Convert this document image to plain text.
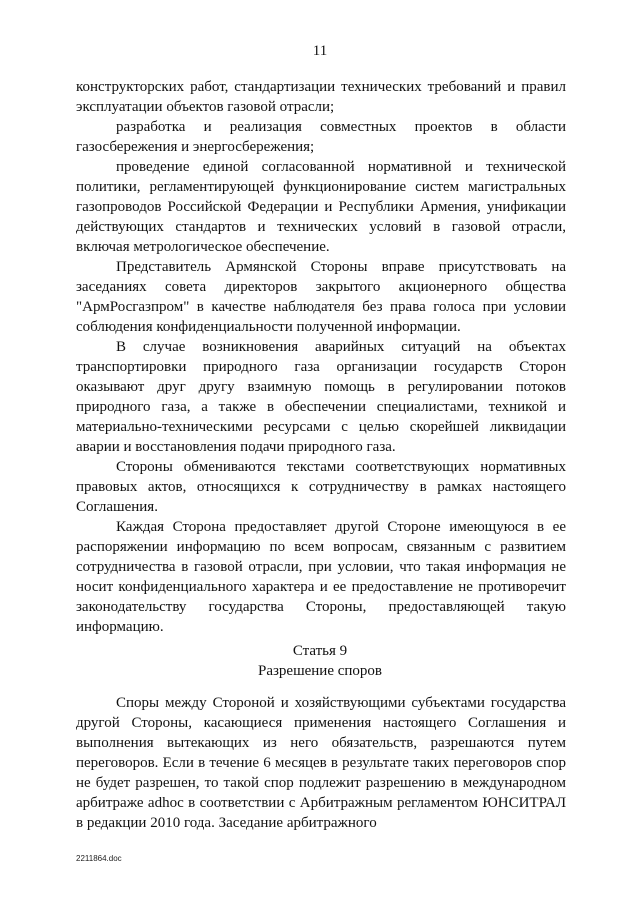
11

конструкторских работ, стандартизации технических требований и правил эксплуатации объектов газовой отрасли;

разработка и реализация совместных проектов в области газосбережения и энергосбережения;

проведение единой согласованной нормативной и технической политики, регламентирующей функционирование систем магистральных газопроводов Российской Федерации и Республики Армения, унификации действующих стандартов и технических условий в газовой отрасли, включая метрологическое обеспечение.

Представитель Армянской Стороны вправе присутствовать на заседаниях совета директоров закрытого акционерного общества "АрмРосгазпром" в качестве наблюдателя без права голоса при условии соблюдения конфиденциальности полученной информации.

В случае возникновения аварийных ситуаций на объектах транспортировки природного газа организации государств Сторон оказывают друг другу взаимную помощь в регулировании потоков природного газа, а также в обеспечении специалистами, техникой и материально-техническими ресурсами с целью скорейшей ликвидации аварии и восстановления подачи природного газа.

Стороны обмениваются текстами соответствующих нормативных правовых актов, относящихся к сотрудничеству в рамках настоящего Соглашения.

Каждая Сторона предоставляет другой Стороне имеющуюся в ее распоряжении информацию по всем вопросам, связанным с развитием сотрудничества в газовой отрасли, при условии, что такая информация не носит конфиденциального характера и ее предоставление не противоречит законодательству государства Стороны, предоставляющей такую информацию.

Статья 9
Разрешение споров

Споры между Стороной и хозяйствующими субъектами государства другой Стороны, касающиеся применения настоящего Соглашения и выполнения вытекающих из него обязательств, разрешаются путем переговоров. Если в течение 6 месяцев в результате таких переговоров спор не будет разрешен, то такой спор подлежит разрешению в международном арбитраже adhoc в соответствии с Арбитражным регламентом ЮНСИТРАЛ в редакции 2010 года. Заседание арбитражного

2211864.doc
